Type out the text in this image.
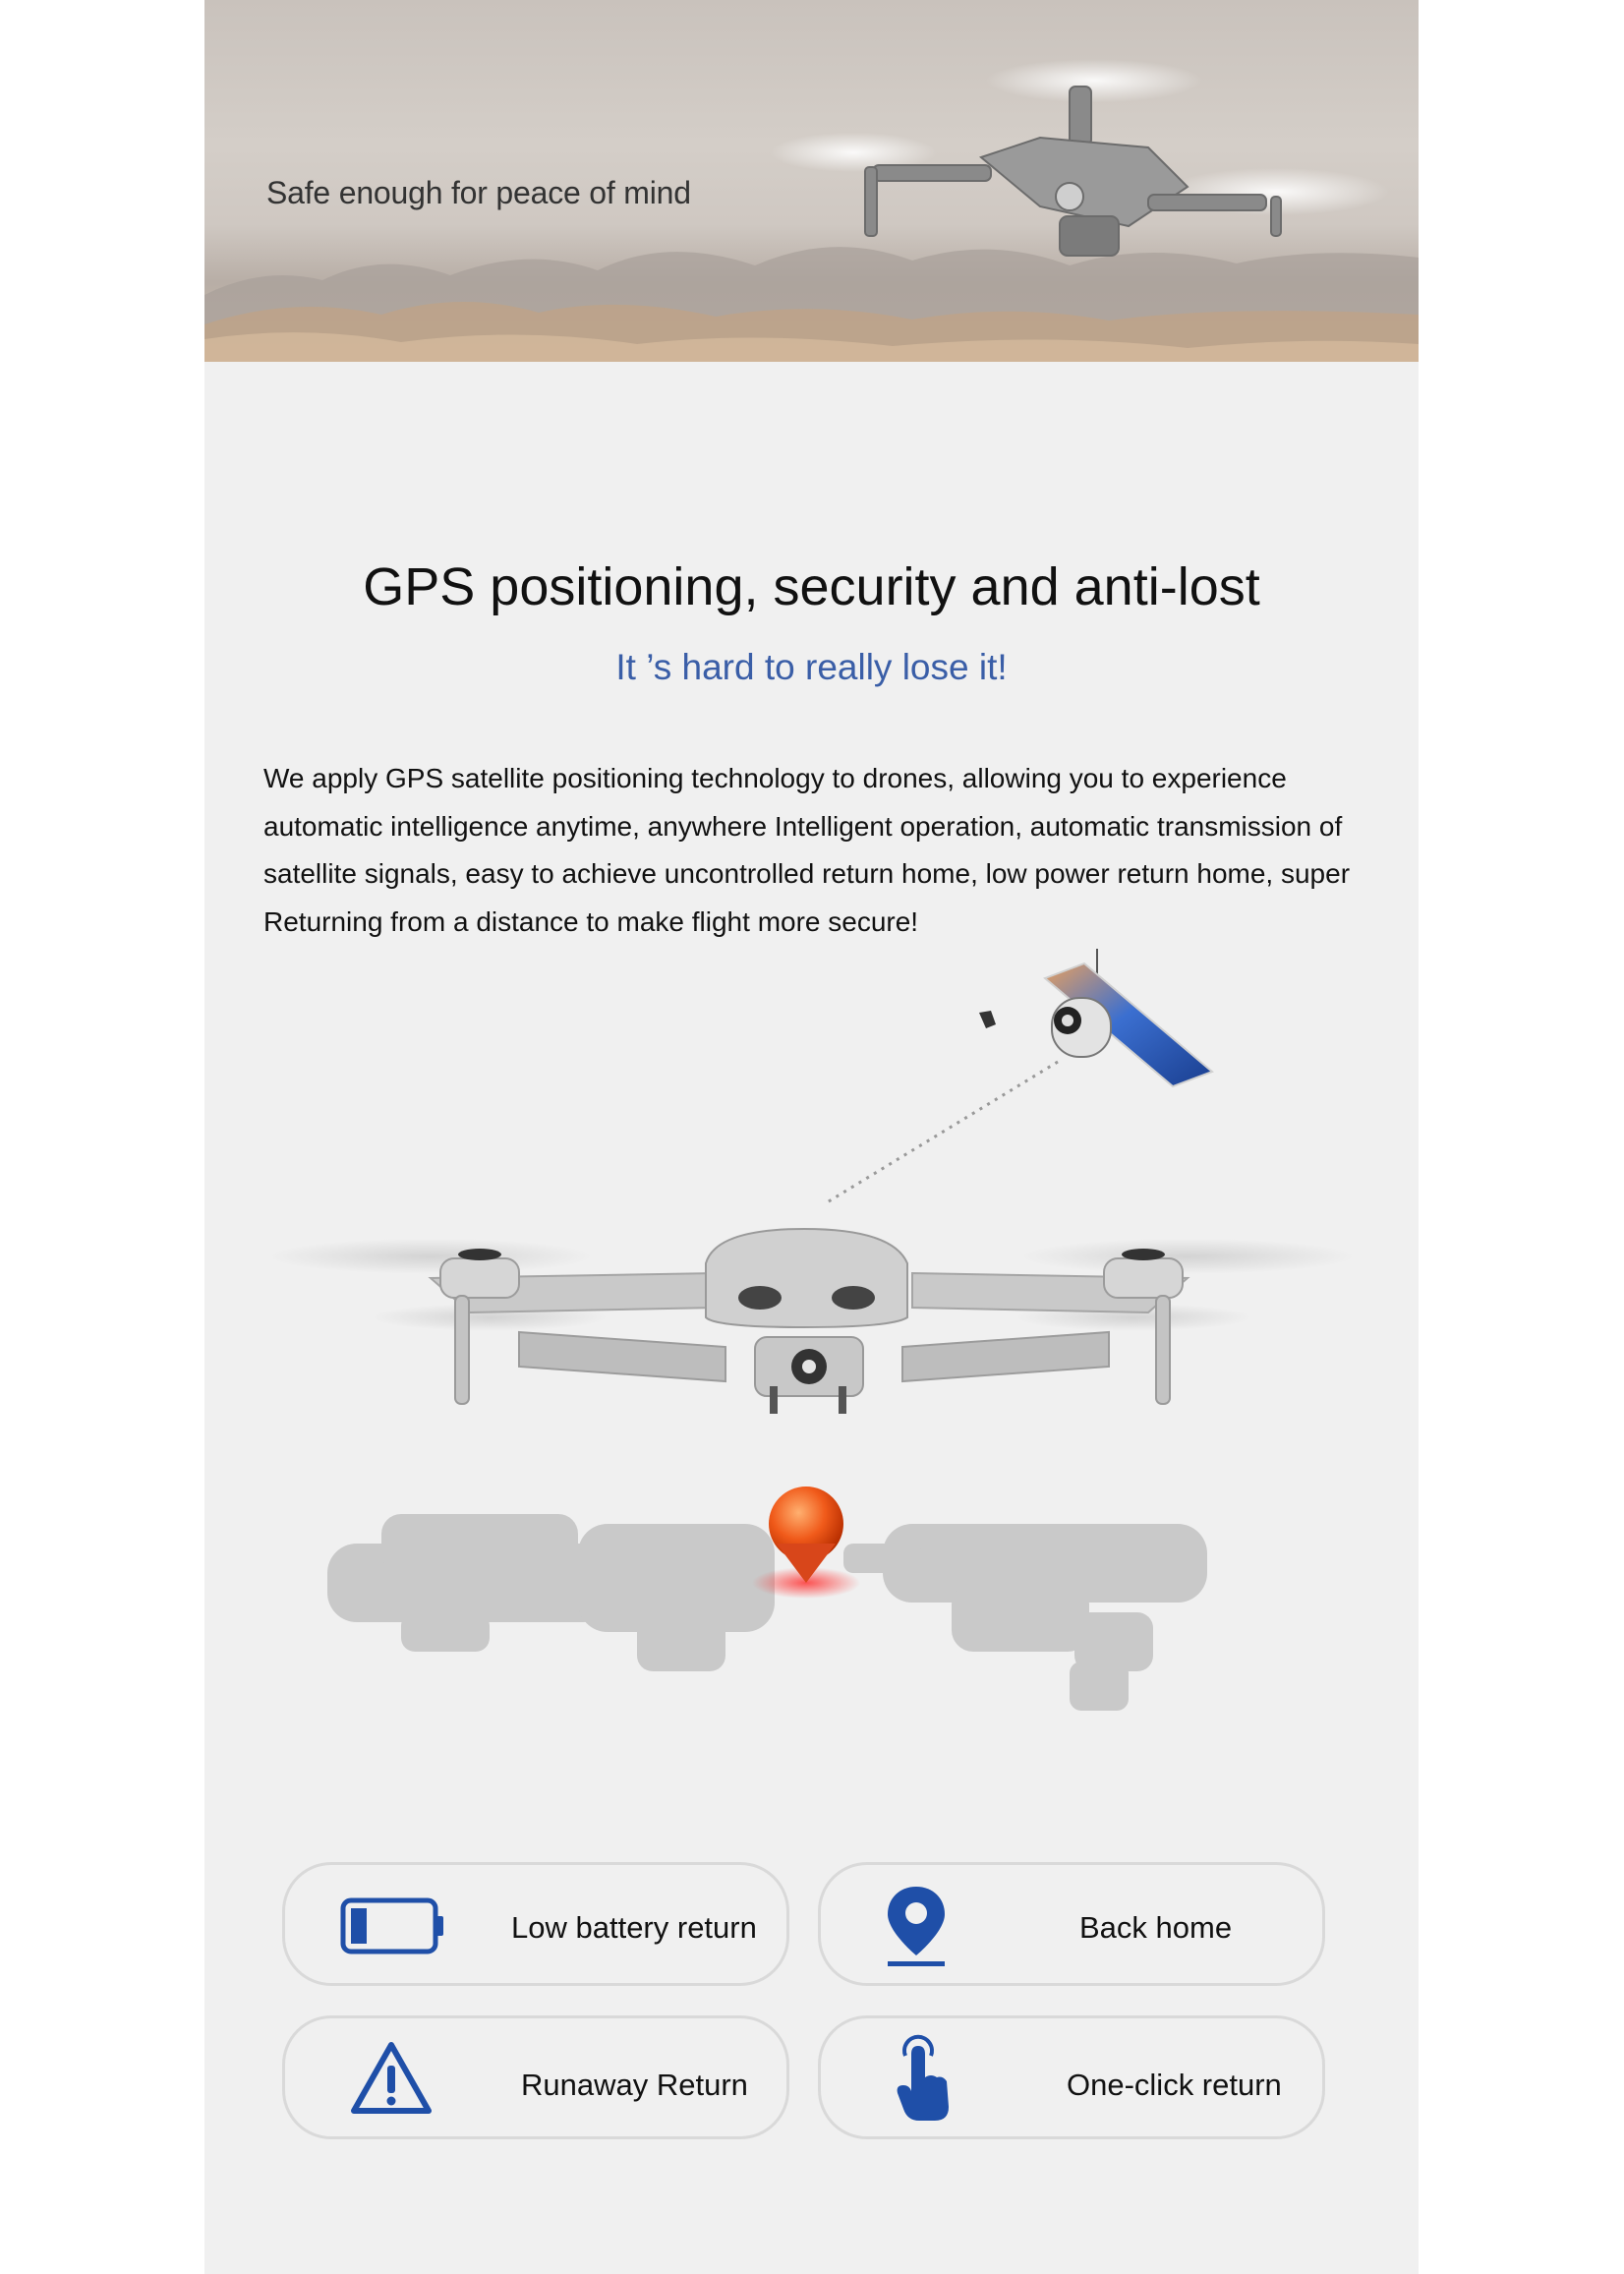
Safe enough for peace of mind
GPS positioning, security and anti-lost
It ’s hard to really lose it!
We apply GPS satellite positioning technology to drones, allowing you to experience automatic intelligence anytime, anywhere Intelligent operation, automatic transmission of satellite signals, easy to achieve uncontrolled return home, low power return home, super Returning from a distance to make flight more secure!
Low battery return	Back home
Runaway Return	One-click return
